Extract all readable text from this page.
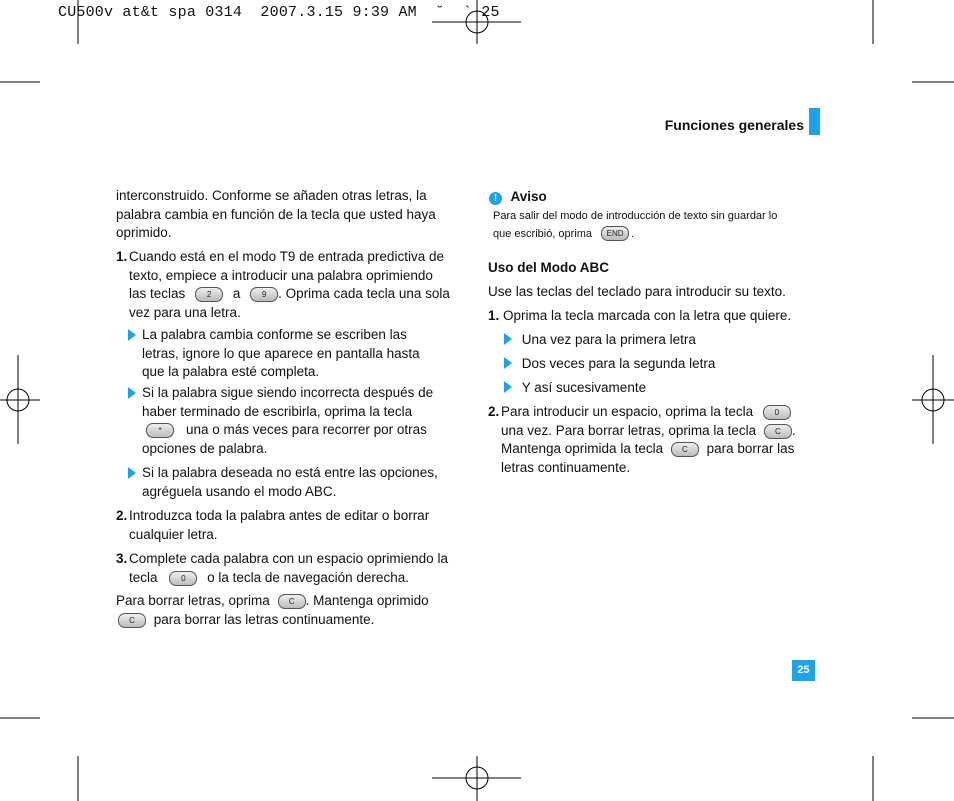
CU500v at&t spa 0314  2007.3.15 9:39 AM  ˘  ` 25
Funciones generales
25
interconstruido. Conforme se añaden otras letras, la
palabra cambia en función de la tecla que usted haya
oprimido.
1. Cuando está en el modo T9 de entrada predictiva de
texto, empiece a introducir una palabra oprimiendo
las teclas	2 a	9 . Oprima cada tecla una sola
vez para una letra.
La palabra cambia conforme se escriben las
letras, ignore lo que aparece en pantalla hasta
que la palabra esté completa.
Si la palabra sigue siendo incorrecta después de
haber terminado de escribirla, oprima la tecla
* una o más veces para recorrer por otras
opciones de palabra.
Si la palabra deseada no está entre las opciones,
agréguela usando el modo ABC.
2. Introduzca toda la palabra antes de editar o borrar
cualquier letra.
3. Complete cada palabra con un espacio oprimiendo la
tecla	0 o la tecla de navegación derecha.
Para borrar letras, oprima C . Mantenga oprimido
C para borrar las letras continuamente.
! Aviso
Para salir del modo de introducción de texto sin guardar lo
que escribió, oprima END .
Uso del Modo ABC
Use las teclas del teclado para introducir su texto.
1. Oprima la tecla marcada con la letra que quiere.
Una vez para la primera letra
Dos veces para la segunda letra
Y así sucesivamente
2. Para introducir un espacio, oprima la tecla	0
una vez. Para borrar letras, oprima la tecla C .
Mantenga oprimida la tecla C para borrar las
letras continuamente.
